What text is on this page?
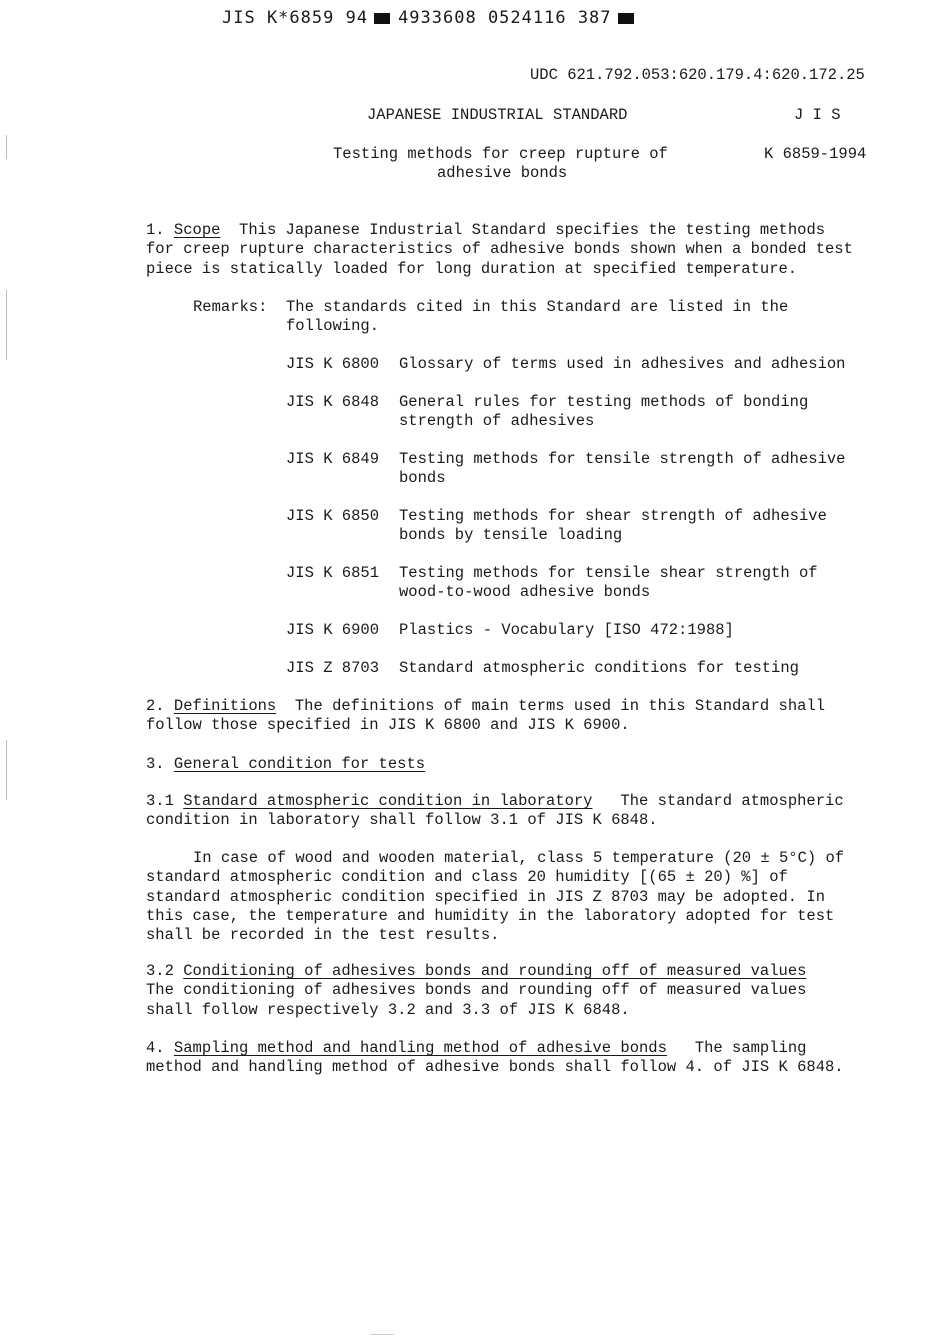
JIS K*6859 94 4933608 0524116 387
UDC 621.792.053:620.179.4:620.172.25
JAPANESE INDUSTRIAL STANDARD	J I S
Testing methods for creep rupture of
adhesive bonds
K 6859-1994

1. Scope This Japanese Industrial Standard specifies the testing methods

for creep rupture characteristics of adhesive bonds shown when a bonded test

piece is statically loaded for long duration at specified temperature.

Remarks: The standards cited in this Standard are listed in the
following.
JIS K 6800 Glossary of terms used in adhesives and adhesion
JIS K 6848 General rules for testing methods of bonding
strength of adhesives
JIS K 6849 Testing methods for tensile strength of adhesive
bonds
JIS K 6850 Testing methods for shear strength of adhesive
bonds by tensile loading
JIS K 6851 Testing methods for tensile shear strength of
wood-to-wood adhesive bonds
JIS K 6900 Plastics - Vocabulary [ISO 472:1988]
JIS Z 8703 Standard atmospheric conditions for testing

2. Definitions The definitions of main terms used in this Standard shall

follow those specified in JIS K 6800 and JIS K 6900.

3. General condition for tests

3.1 Standard atmospheric condition in laboratory The standard atmospheric

condition in laboratory shall follow 3.1 of JIS K 6848.

In case of wood and wooden material, class 5 temperature (20 ± 5°C) of

standard atmospheric condition and class 20 humidity [(65 ± 20) %] of

standard atmospheric condition specified in JIS Z 8703 may be adopted. In

this case, the temperature and humidity in the laboratory adopted for test

shall be recorded in the test results.

3.2 Conditioning of adhesives bonds and rounding off of measured values

The conditioning of adhesives bonds and rounding off of measured values

shall follow respectively 3.2 and 3.3 of JIS K 6848.

4. Sampling method and handling method of adhesive bonds The sampling

method and handling method of adhesive bonds shall follow 4. of JIS K 6848.
